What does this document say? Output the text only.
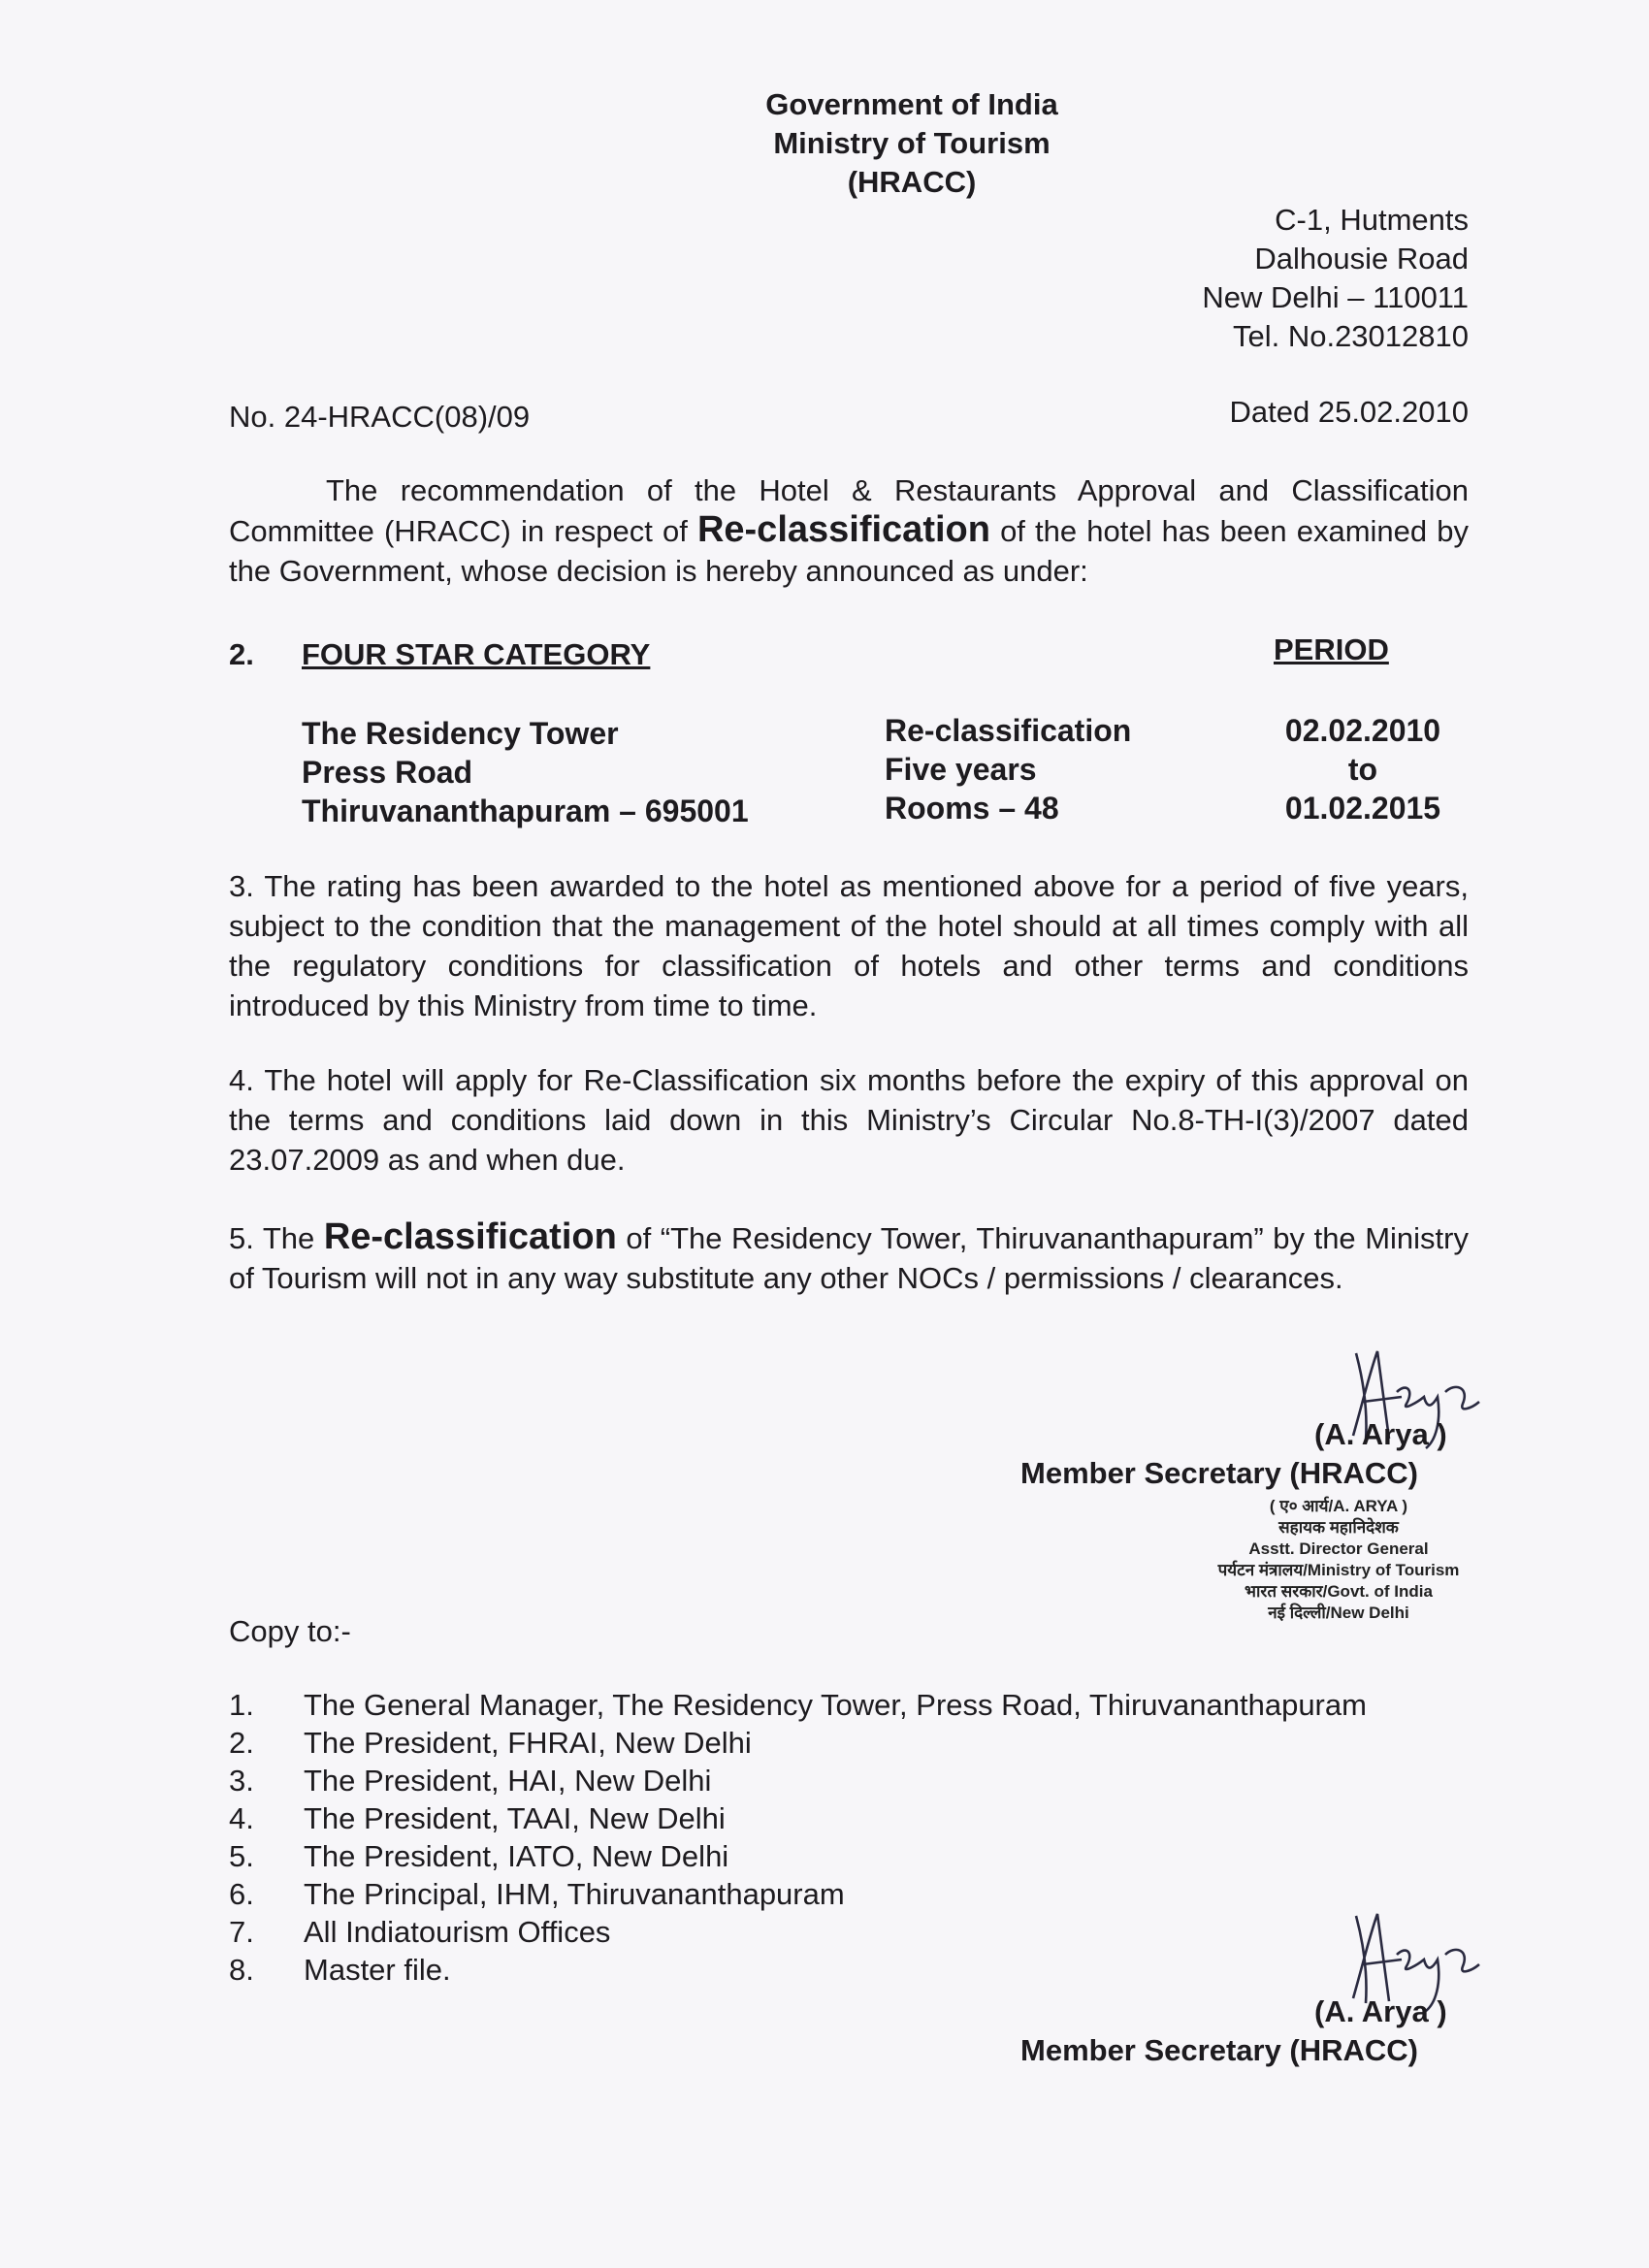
Government of India
Ministry of Tourism
(HRACC)
C-1, Hutments
Dalhousie Road
New Delhi – 110011
Tel. No.23012810
No. 24-HRACC(08)/09	Dated 25.02.2010
The recommendation of the Hotel & Restaurants Approval and Classification Committee (HRACC) in respect of Re-classification of the hotel has been examined by the Government, whose decision is hereby announced as under:
2. FOUR STAR CATEGORY	PERIOD
The Residency Tower
Press Road
Thiruvananthapuram – 695001
Re-classification
Five years
Rooms – 48
02.02.2010
to
01.02.2015
3. The rating has been awarded to the hotel as mentioned above for a period of five years, subject to the condition that the management of the hotel should at all times comply with all the regulatory conditions for classification of hotels and other terms and conditions introduced by this Ministry from time to time.
4. The hotel will apply for Re-Classification six months before the expiry of this approval on the terms and conditions laid down in this Ministry’s Circular No.8-TH-I(3)/2007 dated 23.07.2009 as and when due.
5. The Re-classification of “The Residency Tower, Thiruvananthapuram” by the Ministry of Tourism will not in any way substitute any other NOCs / permissions / clearances.
(A. Arya )
Member Secretary (HRACC)
( ए० आर्य/A. ARYA )
सहायक महानिदेशक
Asstt. Director General
पर्यटन मंत्रालय/Ministry of Tourism
भारत सरकार/Govt. of India
नई दिल्ली/New Delhi
Copy to:-
1. The General Manager, The Residency Tower, Press Road, Thiruvananthapuram
2. The President, FHRAI, New Delhi
3. The President, HAI, New Delhi
4. The President, TAAI, New Delhi
5. The President, IATO, New Delhi
6. The Principal, IHM, Thiruvananthapuram
7. All Indiatourism Offices
8. Master file.
(A. Arya )
Member Secretary (HRACC)
